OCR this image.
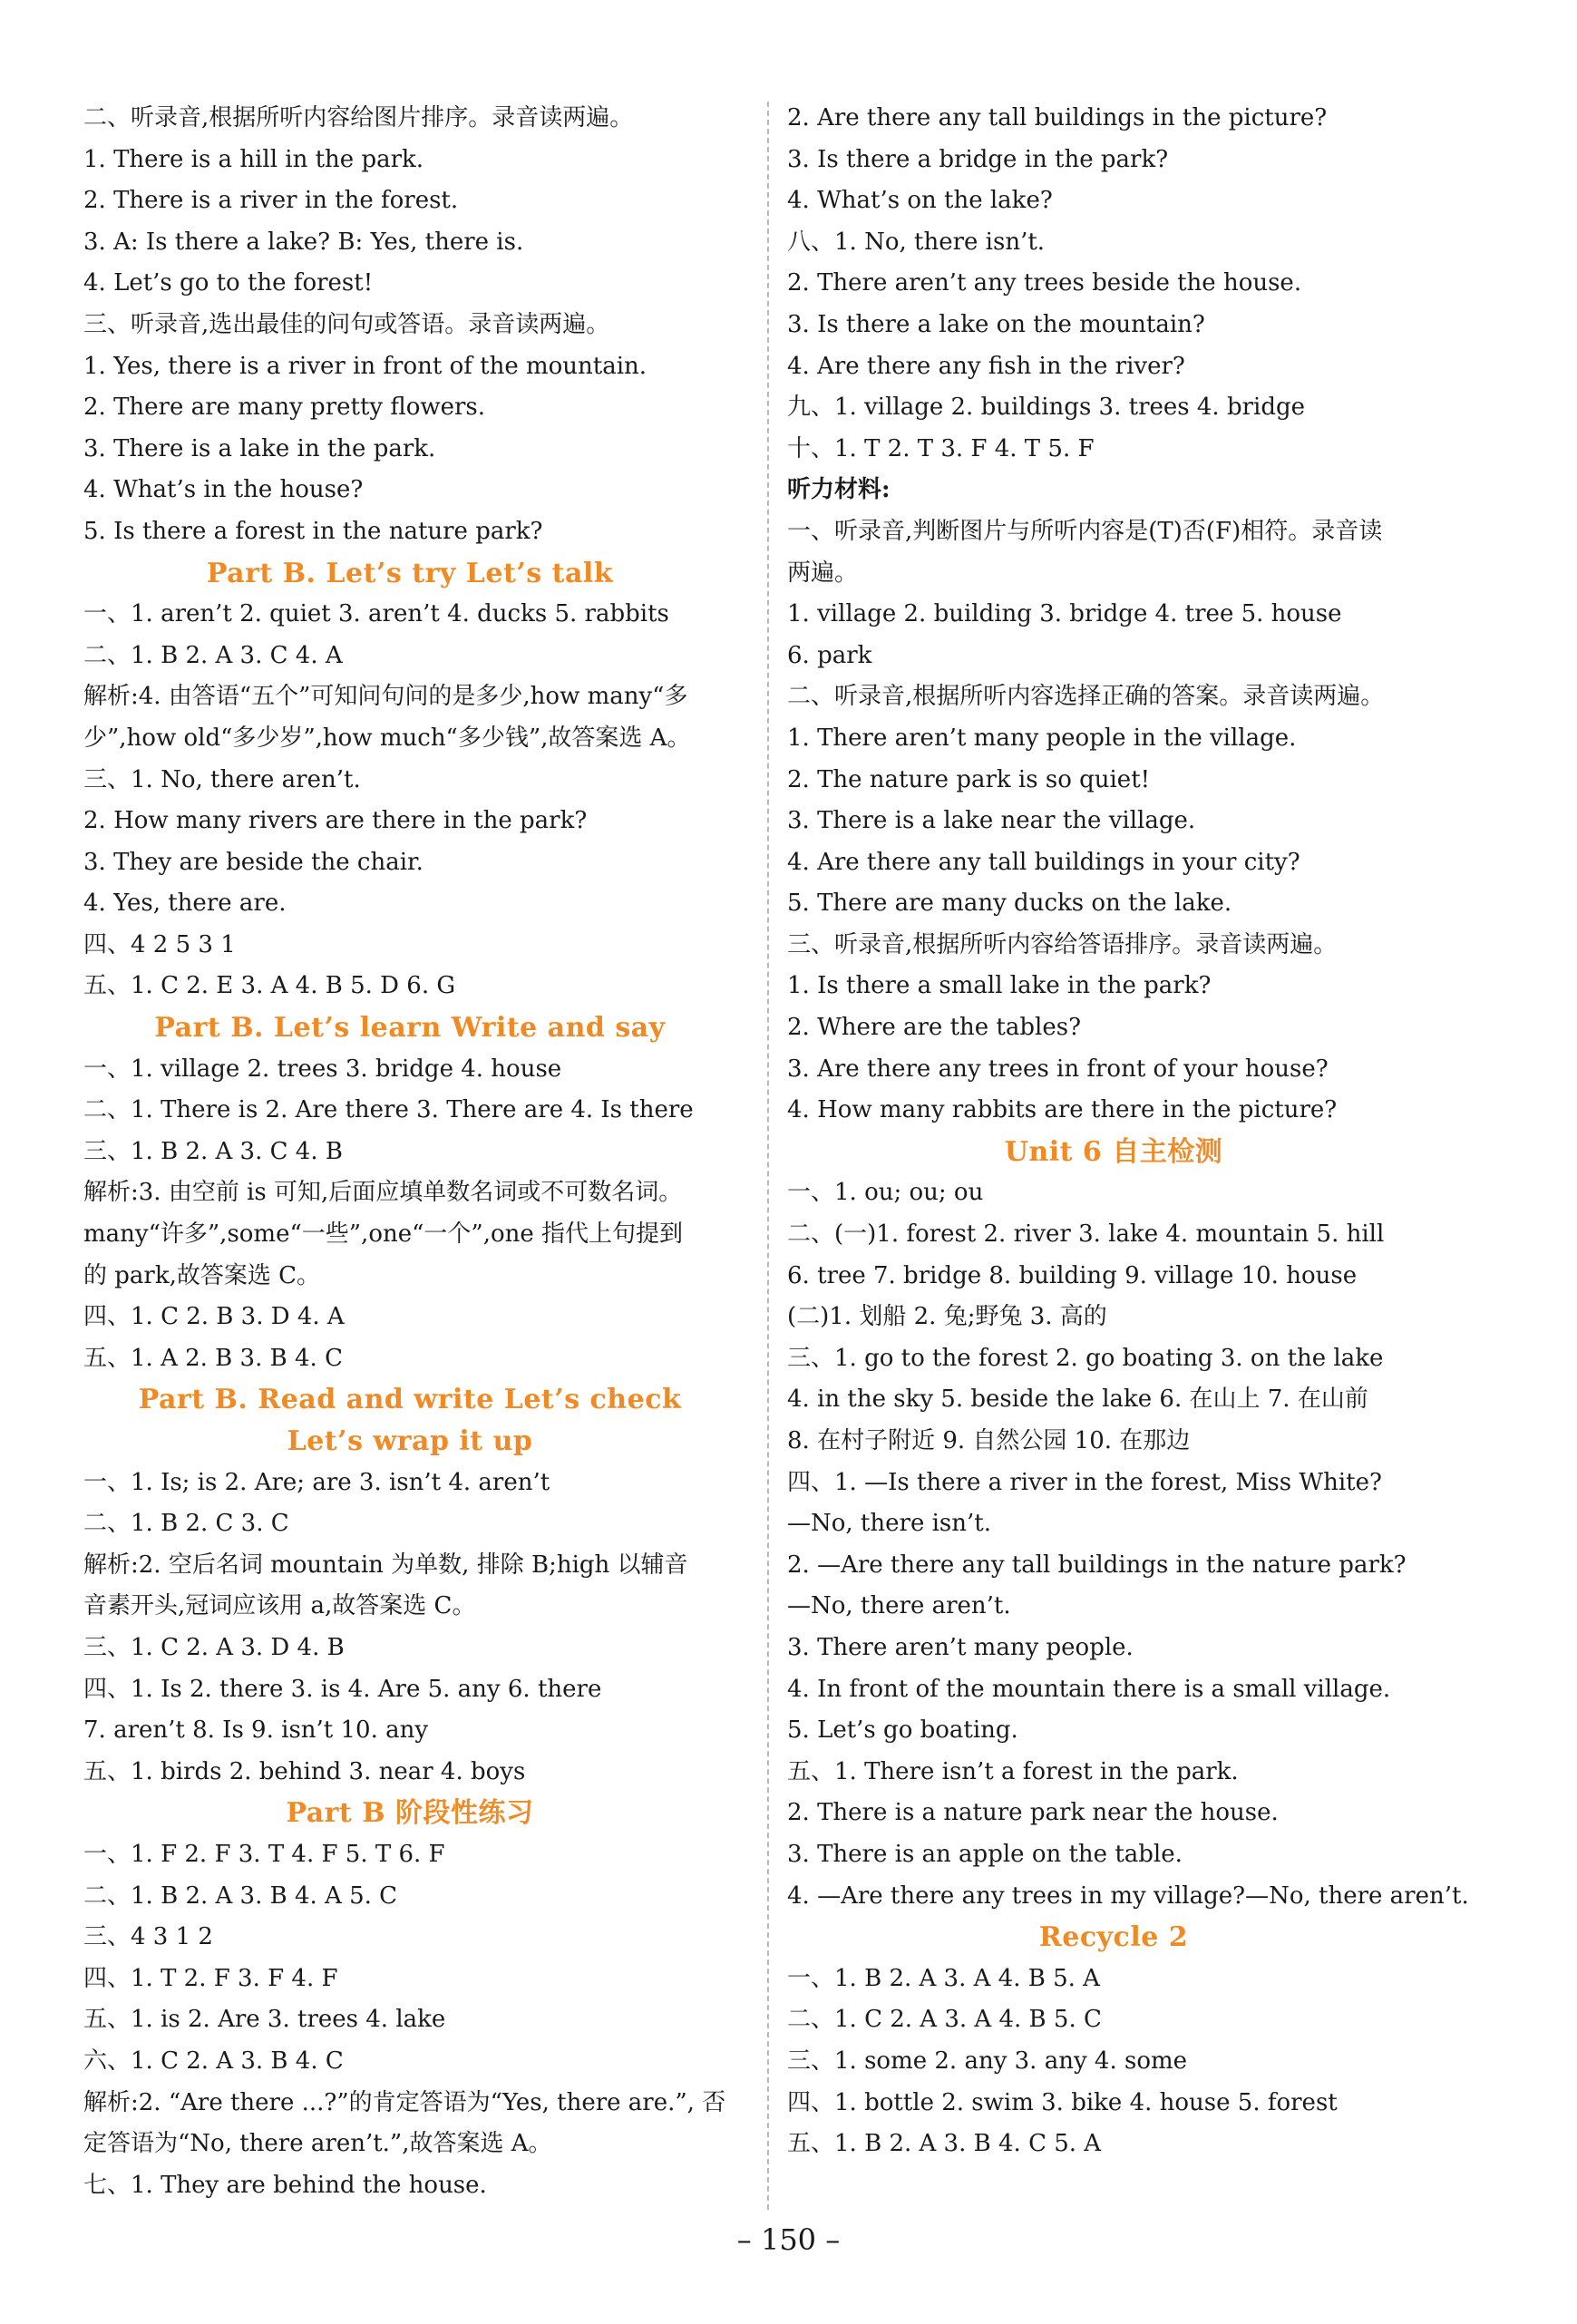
二、听录音,根据所听内容给图片排序。录音读两遍。
1. There is a hill in the park.
2. There is a river in the forest.
3. A: Is there a lake? B: Yes, there is.
4. Let’s go to the forest!
三、听录音,选出最佳的问句或答语。录音读两遍。
1. Yes, there is a river in front of the mountain.
2. There are many pretty flowers.
3. There is a lake in the park.
4. What’s in the house?
5. Is there a forest in the nature park?
Part B. Let’s try Let’s talk
一、1. aren’t 2. quiet 3. aren’t 4. ducks 5. rabbits
二、1. B 2. A 3. C 4. A
解析:4. 由答语“五个”可知问句问的是多少,how many“多
少”,how old“多少岁”,how much“多少钱”,故答案选 A。
三、1. No, there aren’t.
2. How many rivers are there in the park?
3. They are beside the chair.
4. Yes, there are.
四、4 2 5 3 1
五、1. C 2. E 3. A 4. B 5. D 6. G
Part B. Let’s learn Write and say
一、1. village 2. trees 3. bridge 4. house
二、1. There is 2. Are there 3. There are 4. Is there
三、1. B 2. A 3. C 4. B
解析:3. 由空前 is 可知,后面应填单数名词或不可数名词。
many“许多”,some“一些”,one“一个”,one 指代上句提到
的 park,故答案选 C。
四、1. C 2. B 3. D 4. A
五、1. A 2. B 3. B 4. C
Part B. Read and write Let’s check
Let’s wrap it up
一、1. Is; is 2. Are; are 3. isn’t 4. aren’t
二、1. B 2. C 3. C
解析:2. 空后名词 mountain 为单数, 排除 B;high 以辅音
音素开头,冠词应该用 a,故答案选 C。
三、1. C 2. A 3. D 4. B
四、1. Is 2. there 3. is 4. Are 5. any 6. there
7. aren’t 8. Is 9. isn’t 10. any
五、1. birds 2. behind 3. near 4. boys
Part B 阶段性练习
一、1. F 2. F 3. T 4. F 5. T 6. F
二、1. B 2. A 3. B 4. A 5. C
三、4 3 1 2
四、1. T 2. F 3. F 4. F
五、1. is 2. Are 3. trees 4. lake
六、1. C 2. A 3. B 4. C
解析:2. “Are there ...?”的肯定答语为“Yes, there are.”, 否
定答语为“No, there aren’t.”,故答案选 A。
七、1. They are behind the house.
2. Are there any tall buildings in the picture?
3. Is there a bridge in the park?
4. What’s on the lake?
八、1. No, there isn’t.
2. There aren’t any trees beside the house.
3. Is there a lake on the mountain?
4. Are there any fish in the river?
九、1. village 2. buildings 3. trees 4. bridge
十、1. T 2. T 3. F 4. T 5. F
听力材料:
一、听录音,判断图片与所听内容是(T)否(F)相符。录音读
两遍。
1. village 2. building 3. bridge 4. tree 5. house
6. park
二、听录音,根据所听内容选择正确的答案。录音读两遍。
1. There aren’t many people in the village.
2. The nature park is so quiet!
3. There is a lake near the village.
4. Are there any tall buildings in your city?
5. There are many ducks on the lake.
三、听录音,根据所听内容给答语排序。录音读两遍。
1. Is there a small lake in the park?
2. Where are the tables?
3. Are there any trees in front of your house?
4. How many rabbits are there in the picture?
Unit 6 自主检测
一、1. ou; ou; ou
二、(一)1. forest 2. river 3. lake 4. mountain 5. hill
6. tree 7. bridge 8. building 9. village 10. house
(二)1. 划船 2. 兔;野兔 3. 高的
三、1. go to the forest 2. go boating 3. on the lake
4. in the sky 5. beside the lake 6. 在山上 7. 在山前
8. 在村子附近 9. 自然公园 10. 在那边
四、1. —Is there a river in the forest, Miss White?
—No, there isn’t.
2. —Are there any tall buildings in the nature park?
—No, there aren’t.
3. There aren’t many people.
4. In front of the mountain there is a small village.
5. Let’s go boating.
五、1. There isn’t a forest in the park.
2. There is a nature park near the house.
3. There is an apple on the table.
4. —Are there any trees in my village?—No, there aren’t.
Recycle 2
一、1. B 2. A 3. A 4. B 5. A
二、1. C 2. A 3. A 4. B 5. C
三、1. some 2. any 3. any 4. some
四、1. bottle 2. swim 3. bike 4. house 5. forest
五、1. B 2. A 3. B 4. C 5. A
– 150 –
